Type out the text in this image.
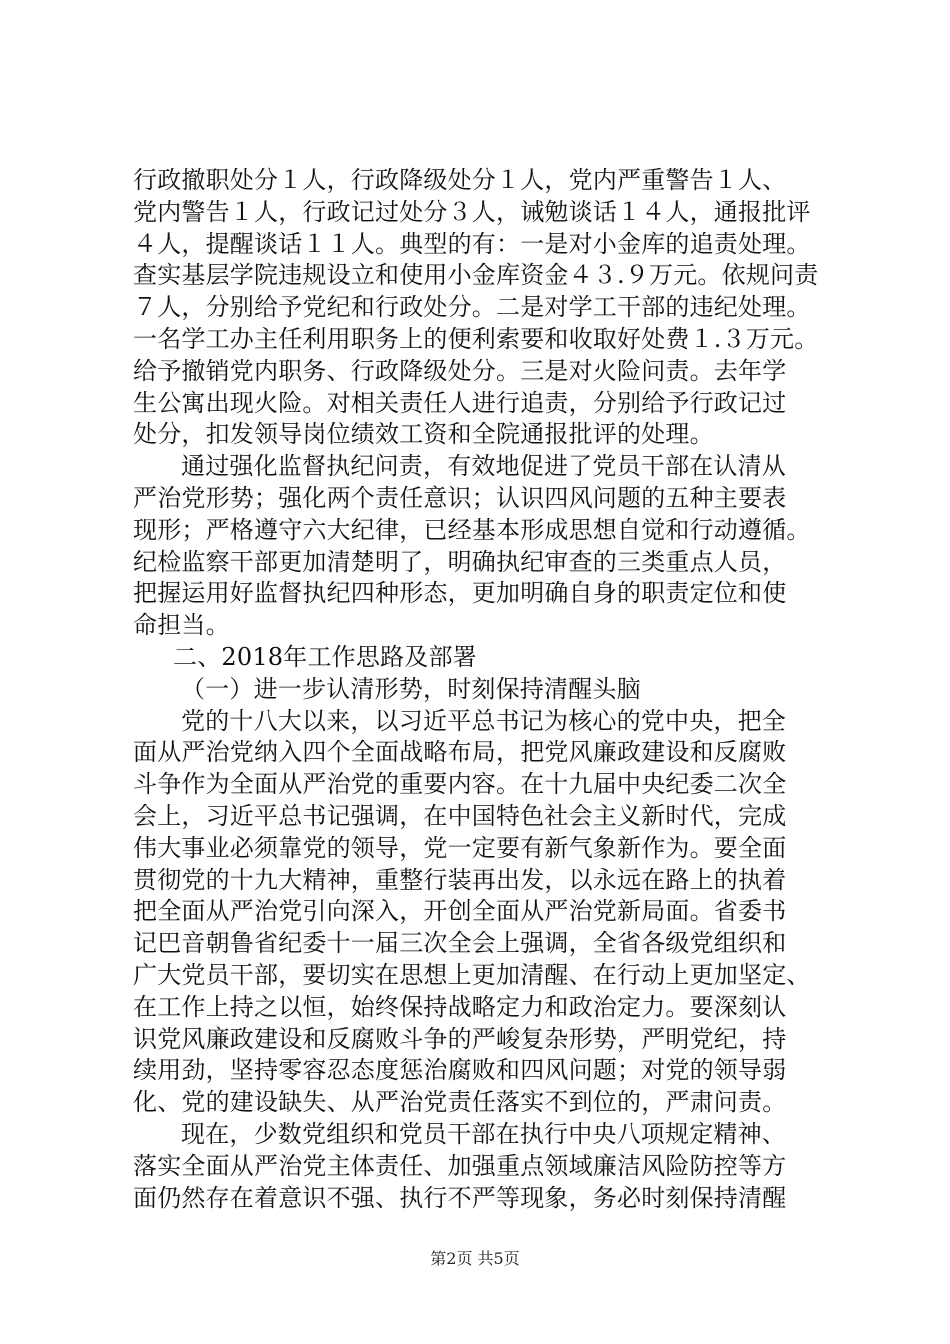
行政撤职处分１人，行政降级处分１人，党内严重警告１人、
党内警告１人，行政记过处分３人，诫勉谈话１４人，通报批评
４人，提醒谈话１１人。典型的有：一是对小金库的追责处理。
查实基层学院违规设立和使用小金库资金４３.９万元。依规问责
７人，分别给予党纪和行政处分。二是对学工干部的违纪处理。
一名学工办主任利用职务上的便利索要和收取好处费１.３万元。
给予撤销党内职务、行政降级处分。三是对火险问责。去年学
生公寓出现火险。对相关责任人进行追责，分别给予行政记过
处分，扣发领导岗位绩效工资和全院通报批评的处理。
通过强化监督执纪问责，有效地促进了党员干部在认清从
严治党形势；强化两个责任意识；认识四风问题的五种主要表
现形；严格遵守六大纪律，已经基本形成思想自觉和行动遵循。
纪检监察干部更加清楚明了，明确执纪审查的三类重点人员，
把握运用好监督执纪四种形态，更加明确自身的职责定位和使
命担当。
二、2018年工作思路及部署
（一）进一步认清形势，时刻保持清醒头脑
党的十八大以来，以习近平总书记为核心的党中央，把全
面从严治党纳入四个全面战略布局，把党风廉政建设和反腐败
斗争作为全面从严治党的重要内容。在十九届中央纪委二次全
会上，习近平总书记强调，在中国特色社会主义新时代，完成
伟大事业必须靠党的领导，党一定要有新气象新作为。要全面
贯彻党的十九大精神，重整行装再出发，以永远在路上的执着
把全面从严治党引向深入，开创全面从严治党新局面。省委书
记巴音朝鲁省纪委十一届三次全会上强调，全省各级党组织和
广大党员干部，要切实在思想上更加清醒、在行动上更加坚定、
在工作上持之以恒，始终保持战略定力和政治定力。要深刻认
识党风廉政建设和反腐败斗争的严峻复杂形势，严明党纪，持
续用劲，坚持零容忍态度惩治腐败和四风问题；对党的领导弱
化、党的建设缺失、从严治党责任落实不到位的，严肃问责。
现在，少数党组织和党员干部在执行中央八项规定精神、
落实全面从严治党主体责任、加强重点领域廉洁风险防控等方
面仍然存在着意识不强、执行不严等现象，务必时刻保持清醒
第2页 共5页
